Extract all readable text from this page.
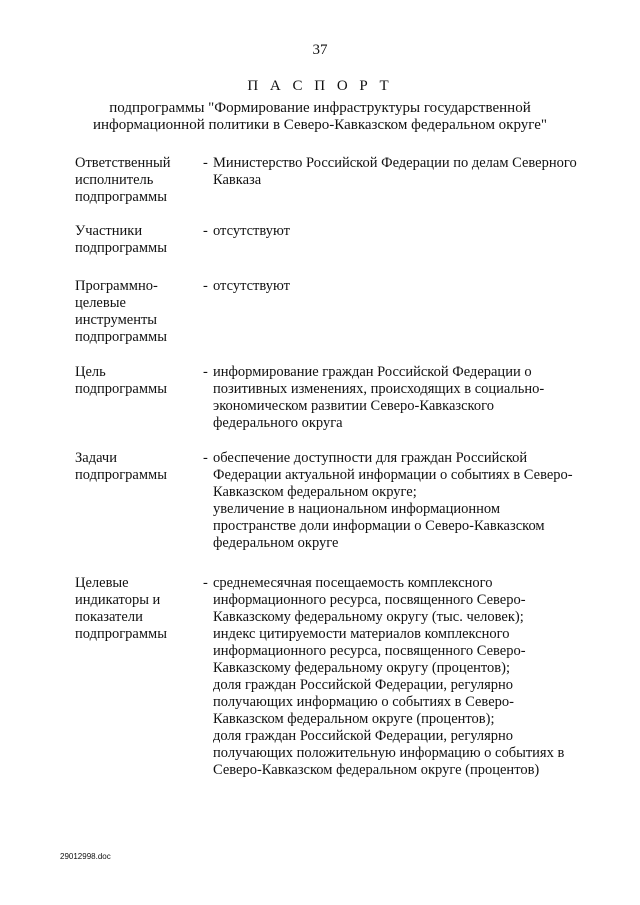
37
П А С П О Р Т
подпрограммы "Формирование инфраструктуры государственной информационной политики в Северо-Кавказском федеральном округе"
Ответственный
исполнитель
подпрограммы
- Министерство Российской Федерации по делам Северного Кавказа

Участники
подпрограммы
- отсутствуют

Программно-
целевые
инструменты
подпрограммы
- отсутствуют

Цель
подпрограммы
- информирование граждан Российской Федерации о позитивных изменениях, происходящих в социально-экономическом развитии Северо-Кавказского федерального округа

Задачи
подпрограммы
- обеспечение доступности для граждан Российской Федерации актуальной информации о событиях в Северо-Кавказском федеральном округе;

увеличение в национальном информационном пространстве доли информации о Северо-Кавказском федеральном округе

Целевые
индикаторы и
показатели
подпрограммы
- среднемесячная посещаемость комплексного информационного ресурса, посвященного Северо-Кавказскому федеральному округу (тыс. человек);

индекс цитируемости материалов комплексного информационного ресурса, посвященного Северо-Кавказскому федеральному округу (процентов);

доля граждан Российской Федерации, регулярно получающих информацию о событиях в Северо-Кавказском федеральном округе (процентов);

доля граждан Российской Федерации, регулярно получающих положительную информацию о событиях в Северо-Кавказском федеральном округе (процентов)

29012998.doc
